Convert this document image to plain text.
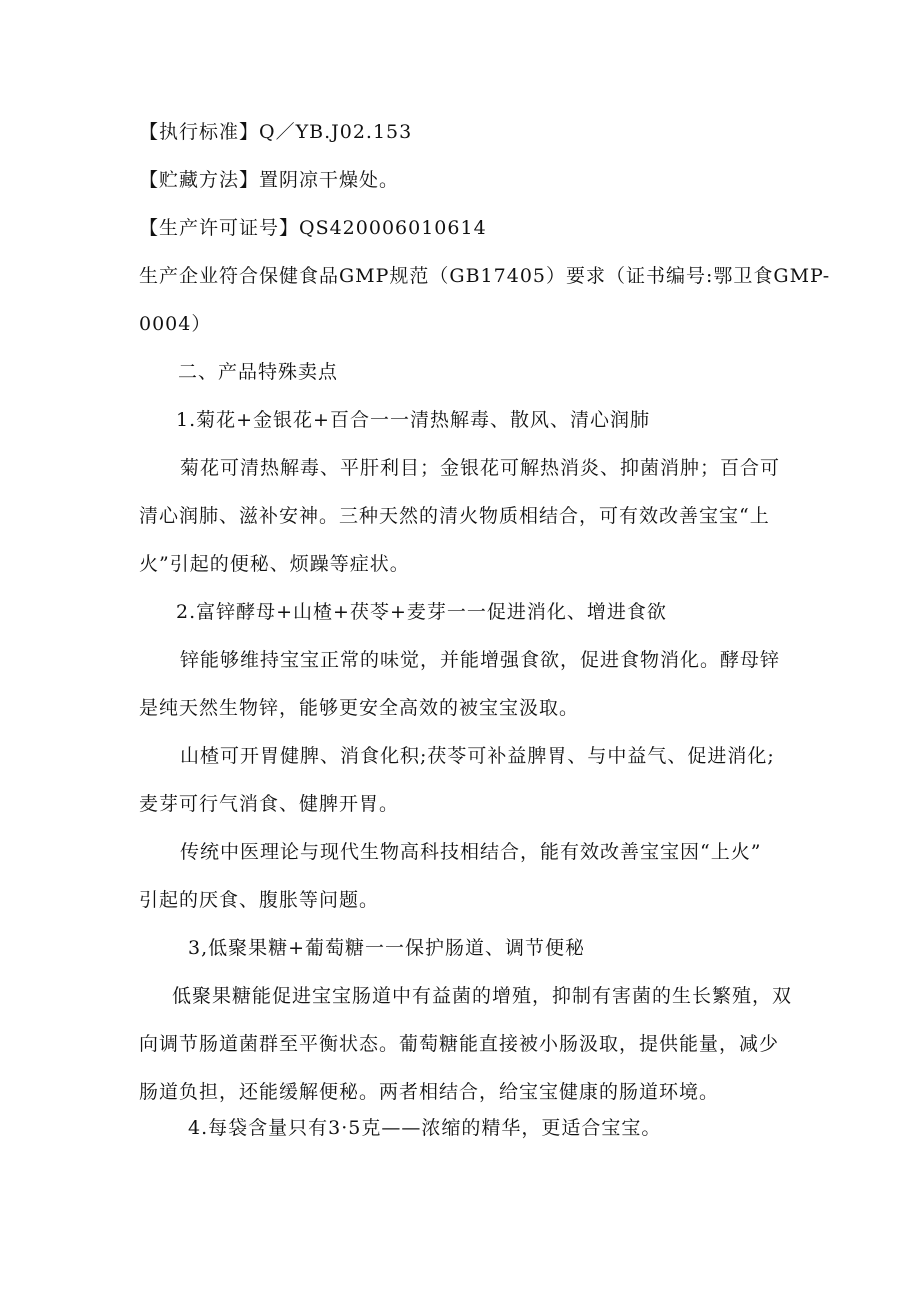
【执行标准】Q／YB.J02.153
【贮藏方法】置阴凉干燥处。
【生产许可证号】QS420006010614
生产企业符合保健食品GMP规范（GB17405）要求（证书编号:鄂卫食GMP-
0004）
二、产品特殊卖点
1.菊花+金银花+百合一一清热解毒、散风、清心润肺
菊花可清热解毒、平肝利目；金银花可解热消炎、抑菌消肿；百合可
清心润肺、滋补安神。三种天然的清火物质相结合，可有效改善宝宝“上
火”引起的便秘、烦躁等症状。
2.富锌酵母+山楂+茯苓+麦芽一一促进消化、增进食欲
锌能够维持宝宝正常的味觉，并能增强食欲，促进食物消化。酵母锌
是纯天然生物锌，能够更安全高效的被宝宝汲取。
山楂可开胃健脾、消食化积;茯苓可补益脾胃、与中益气、促进消化;
麦芽可行气消食、健脾开胃。
传统中医理论与现代生物高科技相结合，能有效改善宝宝因“上火”
引起的厌食、腹胀等问题。
3,低聚果糖+葡萄糖一一保护肠道、调节便秘
低聚果糖能促进宝宝肠道中有益菌的增殖，抑制有害菌的生长繁殖，双
向调节肠道菌群至平衡状态。葡萄糖能直接被小肠汲取，提供能量，减少
肠道负担，还能缓解便秘。两者相结合，给宝宝健康的肠道环境。
4.每袋含量只有3·5克——浓缩的精华，更适合宝宝。
